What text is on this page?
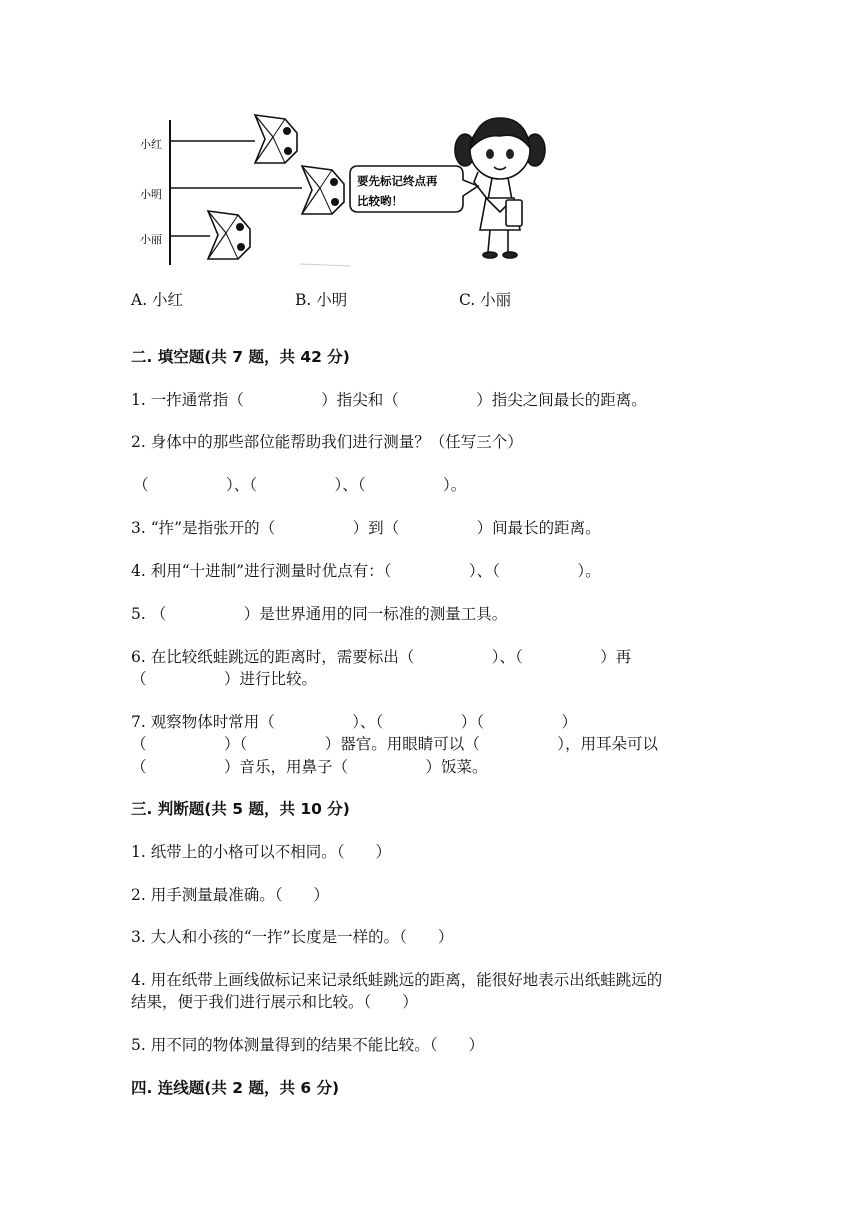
小红
小明
小丽
要先标记终点再
比较哟！
A. 小红	B. 小明	C. 小丽
二. 填空题(共 7 题，共 42 分)
1. 一拃通常指（　　　　　）指尖和（　　　　　）指尖之间最长的距离。
2. 身体中的那些部位能帮助我们进行测量？（任写三个）
（　　　　　）、（　　　　　）、（　　　　　）。
3. “拃”是指张开的（　　　　　）到（　　　　　）间最长的距离。
4. 利用“十进制”进行测量时优点有：（　　　　　）、（　　　　　）。
5. （　　　　　）是世界通用的同一标准的测量工具。
6. 在比较纸蛙跳远的距离时，需要标出（　　　　　）、（　　　　　）再
（　　　　　）进行比较。
7. 观察物体时常用（　　　　　）、（　　　　　）（　　　　　）
（　　　　　）（　　　　　）器官。用眼睛可以（　　　　　），用耳朵可以
（　　　　　）音乐，用鼻子（　　　　　）饭菜。
三. 判断题(共 5 题，共 10 分)
1. 纸带上的小格可以不相同。（　　）
2. 用手测量最准确。（　　）
3. 大人和小孩的“一拃”长度是一样的。（　　）
4. 用在纸带上画线做标记来记录纸蛙跳远的距离，能很好地表示出纸蛙跳远的
结果，便于我们进行展示和比较。（　　）
5. 用不同的物体测量得到的结果不能比较。（　　）
四. 连线题(共 2 题，共 6 分)
